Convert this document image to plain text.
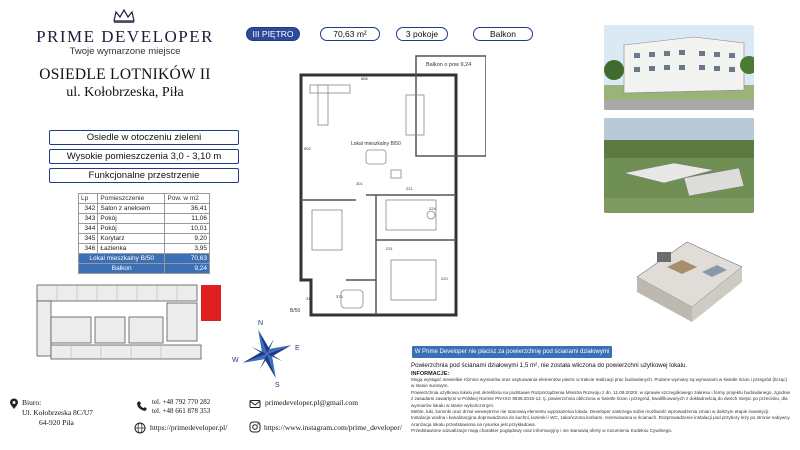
PRIME DEVELOPER
Twoje wymarzone miejsce
OSIEDLE LOTNIKÓW II
ul. Kołobrzeska, Piła
Osiedle w otoczeniu zieleni
Wysokie pomieszczenia 3,0 - 3,10 m
Funkcjonalne przestrzenie
Lp	Pomieszczenie	Pow. w m2
342	Salon z aneksem	36,41
343	Pokój	11,06
344	Pokój	10,01
345	Korytarz	9,20
346	Łazienka	3,95
Lokal mieszkalny B/50		70,63
Balkon		9,24
N
S
E
W
Biuro:
Ul. Kołobrzeska 8C/U7
64-920 Piła
tel. +48 792 770 282
tel. +48 661 878 353
https://primedeveloper.pl/
primedeveloper.pl@gmail.com
https://www.instagram.com/prime_developer/
III PIĘTRO	70,63 m²	3 pokoje	Balkon
Balkon o pow 9,24
Lokal mieszkalny B/50
B/50
666
301
231
902
224
376
315
221
220
W Prime Developer nie płacisz za powierzchnię pod ścianami działowymi
Powierzchnia pod ścianami działowymi 1,5 m², nie została wliczona do powierzchni użytkowej lokalu.
INFORMACJE:
Mogą wystąpić niewielkie różnice wymiarów oraz usytuowania elementów piwnic w trakcie realizacji prac budowlanych. Podane wymiary są wymiarami w świetle ścian i przegród (licząc) w stanie surowym.
Powierzchnia użytkowa lokalu jest określona na podstawie Rozporządzenia Ministra Rozwoju z dn. 11.09.2020r. w sprawie szczegółowego zakresu i formy projektu budowlanego, zgodnie z zasadami zawartymi w Polskiej Normie PN-ISO 9836:2015-12, tj. powierzchnia obliczona w świetle ścian i przegród, kwalifikowanych z dokładnością do dwóch miejsc po przecinku, dla wymiarów lokalu w stanie wykończonym.
Meble, łuki, kominki oraz drzwi wewnętrzne nie stanowią elementu wyposażenia lokalu. Developer zastrzega sobie możliwość wprowadzenia zmian w dalszym etapie inwestycji.
Instalacja wodna i kanalizacyjna doprowadzona do kuchni, łazienki i WC, zakończona korkami, rezerwowana w ścianach. Rozprowadzenie instalacji pod przybory leży po stronie nabywcy.
Aranżacja lokalu przedstawiona na rysunku jest przykładowa.
Przedstawione wizualizacje mają charakter poglądowy oraz informacyjny i nie stanowią oferty w rozumieniu Kodeksu Cywilnego.
